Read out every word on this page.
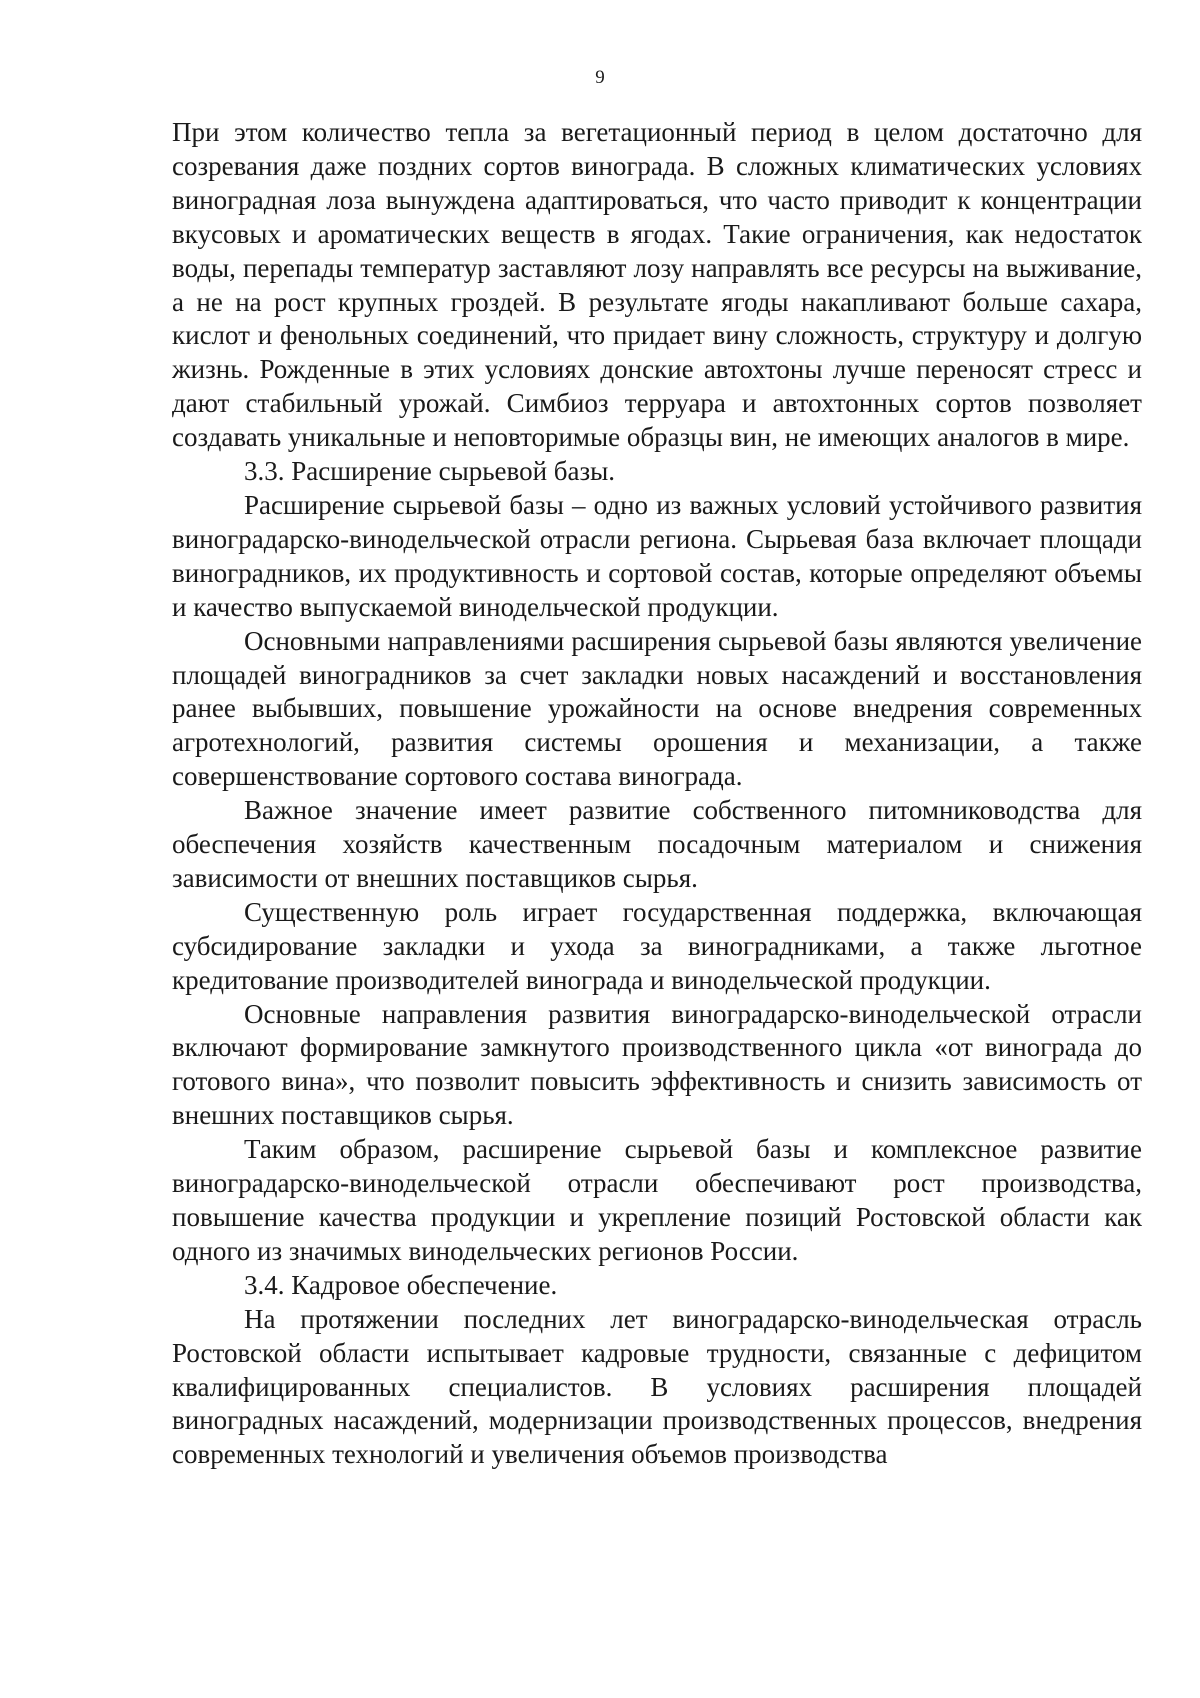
9

При этом количество тепла за вегетационный период в целом достаточно для созревания даже поздних сортов винограда. В сложных климатических условиях виноградная лоза вынуждена адаптироваться, что часто приводит к концентрации вкусовых и ароматических веществ в ягодах. Такие ограничения, как недостаток воды, перепады температур заставляют лозу направлять все ресурсы на выживание, а не на рост крупных гроздей. В результате ягоды накапливают больше сахара, кислот и фенольных соединений, что придает вину сложность, структуру и долгую жизнь. Рожденные в этих условиях донские автохтоны лучше переносят стресс и дают стабильный урожай. Симбиоз терруара и автохтонных сортов позволяет создавать уникальные и неповторимые образцы вин, не имеющих аналогов в мире.

3.3. Расширение сырьевой базы.

Расширение сырьевой базы – одно из важных условий устойчивого развития виноградарско-винодельческой отрасли региона. Сырьевая база включает площади виноградников, их продуктивность и сортовой состав, которые определяют объемы и качество выпускаемой винодельческой продукции.

Основными направлениями расширения сырьевой базы являются увеличение площадей виноградников за счет закладки новых насаждений и восстановления ранее выбывших, повышение урожайности на основе внедрения современных агротехнологий, развития системы орошения и механизации, а также совершенствование сортового состава винограда.

Важное значение имеет развитие собственного питомниководства для обеспечения хозяйств качественным посадочным материалом и снижения зависимости от внешних поставщиков сырья.

Существенную роль играет государственная поддержка, включающая субсидирование закладки и ухода за виноградниками, а также льготное кредитование производителей винограда и винодельческой продукции.

Основные направления развития виноградарско-винодельческой отрасли включают формирование замкнутого производственного цикла «от винограда до готового вина», что позволит повысить эффективность и снизить зависимость от внешних поставщиков сырья.

Таким образом, расширение сырьевой базы и комплексное развитие виноградарско-винодельческой отрасли обеспечивают рост производства, повышение качества продукции и укрепление позиций Ростовской области как одного из значимых винодельческих регионов России.

3.4. Кадровое обеспечение.

На протяжении последних лет виноградарско-винодельческая отрасль Ростовской области испытывает кадровые трудности, связанные с дефицитом квалифицированных специалистов. В условиях расширения площадей виноградных насаждений, модернизации производственных процессов, внедрения современных технологий и увеличения объемов производства
